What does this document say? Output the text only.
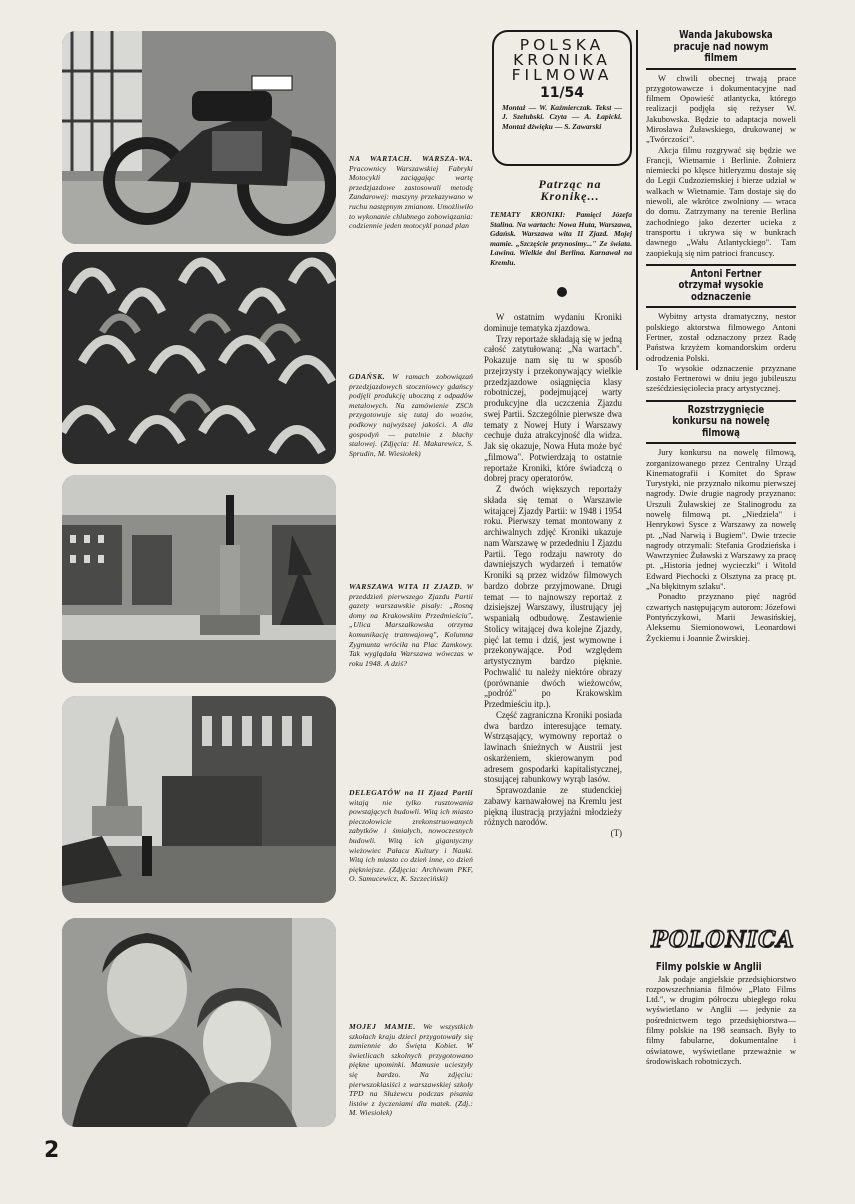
NA WARTACH. WARSZA-WA. Pracownicy Warszawskiej Fabryki Motocykli zaciągając wartę przedzjazdowe zastosowali metodę Zandarowej: maszyny przekazywano w ruchu następnym zmianom. Umożliwiło to wykonanie chlubnego zobowiązania: codziennie jeden motocykl ponad plan

GDAŃSK. W ramach zobowiązań przedzjazdowych stoczniowcy gdańscy podjęli produkcję uboczną z odpadów metalowych. Na zamówienie ZSCh przygotowuje się tutaj do wozów, podkowy najwyższej jakości. A dla gospodyń — patelnie z blachy stalowej. (Zdjęcia: H. Makarewicz, S. Sprudin, M. Wiesiołek)

WARSZAWA WITA II ZJAZD. W przeddzień pierwszego Zjazdu Partii gazety warszawskie pisały: „Rosną domy na Krakowskim Przedmieściu", „Ulica Marszałkowska otrzyma komunikację tramwajową", Kolumna Zygmunta wróciła na Plac Zamkowy. Tak wyglądała Warszawa wówczas w roku 1948. A dziś?

DELEGATÓW na II Zjazd Partii witają nie tylko rusztowania powstających budowli. Witą ich miasto pieczołowicie zrekonstruowanych zabytków i śmiałych, nowoczesnych budowli. Witą ich gigantyczny wieżowiec Pałacu Kultury i Nauki. Witą ich miasto co dzień inne, co dzień piękniejsze. (Zdjęcia: Archiwum PKF, O. Samucewicz, K. Szczeciński)

MOJEJ MAMIE. We wszystkich szkołach kraju dzieci przygotowały się zumiennie do Święta Kobiet. W świetlicach szkolnych przygotowano piękne upominki. Mamusie ucieszyły się bardzo. Na zdjęciu: pierwszoklasiści z warszawskiej szkoły TPD na Służewcu podczas pisania listów z życzeniami dla matek. (Zdj.: M. Wiesiołek)

POLSKA

KRONIKA

FILMOWA

11/54

Montaż — W. Kaźmierczak. Tekst — J. Szelubski. Czyta — A. Łapicki. Montaż dźwięku — S. Zawarski

Patrząc na Kronikę...

TEMATY KRONIKI: Pamięci Józefa Stalina. Na wartach: Nowa Huta, Warszawa, Gdańsk. Warszawa wita II Zjazd. Mojej mamie. „Szczęście przynosimy..." Ze świata. Lawina. Wielkie dni Berlina. Karnawał na Kremlu.

W ostatnim wydaniu Kroniki dominuje tematyka zjazdowa.

Trzy reportaże składają się w jedną całość zatytułowaną: „Na wartach". Pokazuje nam się tu w sposób przejrzysty i przekonywający wielkie przedzjazdowe osiągnięcia klasy robotniczej, podejmującej warty produkcyjne dla uczczenia Zjazdu swej Partii. Szczególnie pierwsze dwa tematy z Nowej Huty i Warszawy cechuje duża atrakcyjność dla widza. Jak się okazuje, Nowa Huta może być „filmowa". Potwierdzają to ostatnie reportaże Kroniki, które świadczą o dobrej pracy operatorów.

Z dwóch większych reportaży składa się temat o Warszawie witającej Zjazdy Partii: w 1948 i 1954 roku. Pierwszy temat montowany z archiwalnych zdjęć Kroniki ukazuje nam Warszawę w przededniu I Zjazdu Partii. Tego rodzaju nawroty do dawniejszych wydarzeń i tematów Kroniki są przez widzów filmowych bardzo dobrze przyjmowane. Drugi temat — to najnowszy reportaż z dzisiejszej Warszawy, ilustrujący jej wspaniałą odbudowę. Zestawienie Stolicy witającej dwa kolejne Zjazdy, pięć lat temu i dziś, jest wymowne i przekonywające. Pod względem artystycznym bardzo pięknie. Pochwalić tu należy niektóre obrazy (porównanie dwóch wieżowców, „podróż" po Krakowskim Przedmieściu itp.).

Część zagraniczna Kroniki posiada dwa bardzo interesujące tematy. Wstrząsający, wymowny reportaż o lawinach śnieżnych w Austrii jest oskarżeniem, skierowanym pod adresem gospodarki kapitalistycznej, stosującej rabunkowy wyrąb lasów.

Sprawozdanie ze studenckiej zabawy karnawałowej na Kremlu jest piękną ilustracją przyjaźni młodzieży różnych narodów.

(T)

Wanda Jakubowska pracuje nad nowym filmem

W chwili obecnej trwają prace przygotowawcze i dokumentacyjne nad filmem Opowieść atlantycka, którego realizacji podjęła się reżyser W. Jakubowska. Będzie to adaptacja noweli Mirosława Żuławskiego, drukowanej w „Twórczości".

Akcja filmu rozgrywać się będzie we Francji, Wietnamie i Berlinie. Żołnierz niemiecki po klęsce hitleryzmu dostaje się do Legii Cudzoziemskiej i bierze udział w walkach w Wietnamie. Tam dostaje się do niewoli, ale wkrótce zwolniony — wraca do domu. Zatrzymany na terenie Berlina zachodniego jako dezerter ucieka z transportu i ukrywa się w bunkrach dawnego „Wału Atlantyckiego". Tam zaopiekują się nim patrioci francuscy.

Antoni Fertner otrzymał wysokie odznaczenie

Wybitny artysta dramatyczny, nestor polskiego aktorstwa filmowego Antoni Fertner, został odznaczony przez Radę Państwa krzyżem komandorskim orderu odrodzenia Polski.

To wysokie odznaczenie przyznane zostało Fertnerowi w dniu jego jubileuszu sześćdziesięciolecia pracy artystycznej.

Rozstrzygnięcie konkursu na nowelę filmową

Jury konkursu na nowelę filmową, zorganizowanego przez Centralny Urząd Kinematografii i Komitet do Spraw Turystyki, nie przyznało nikomu pierwszej nagrody. Dwie drugie nagrody przyznano: Urszuli Żuławskiej ze Stalinogrodu za nowelę filmową pt. „Niedziela" i Henrykowi Sysce z Warszawy za nowelę pt. „Nad Narwią i Bugiem". Dwie trzecie nagrody otrzymali: Stefania Grodzieńska i Wawrzyniec Żuławski z Warszawy za pracę pt. „Historia jednej wycieczki" i Witold Edward Piechocki z Olsztyna za pracę pt. „Na błękitnym szlaku".

Ponadto przyznano pięć nagród czwartych następującym autorom: Józefowi Pontyńczykowi, Marii Jewasińskiej, Aleksemu Siemionowowi, Leonardowi Życkiemu i Joannie Żwirskiej.

POLONICA

Filmy polskie w Anglii

Jak podaje angielskie przedsiębiorstwo rozpowszechniania filmów „Plato Films Ltd.", w drugim półroczu ubiegłego roku wyświetlano w Anglii — jedynie za pośrednictwem tego przedsiębiorstwa—filmy polskie na 198 seansach. Były to filmy fabularne, dokumentalne i oświatowe, wyświetlane przeważnie w środowiskach robotniczych.

2
